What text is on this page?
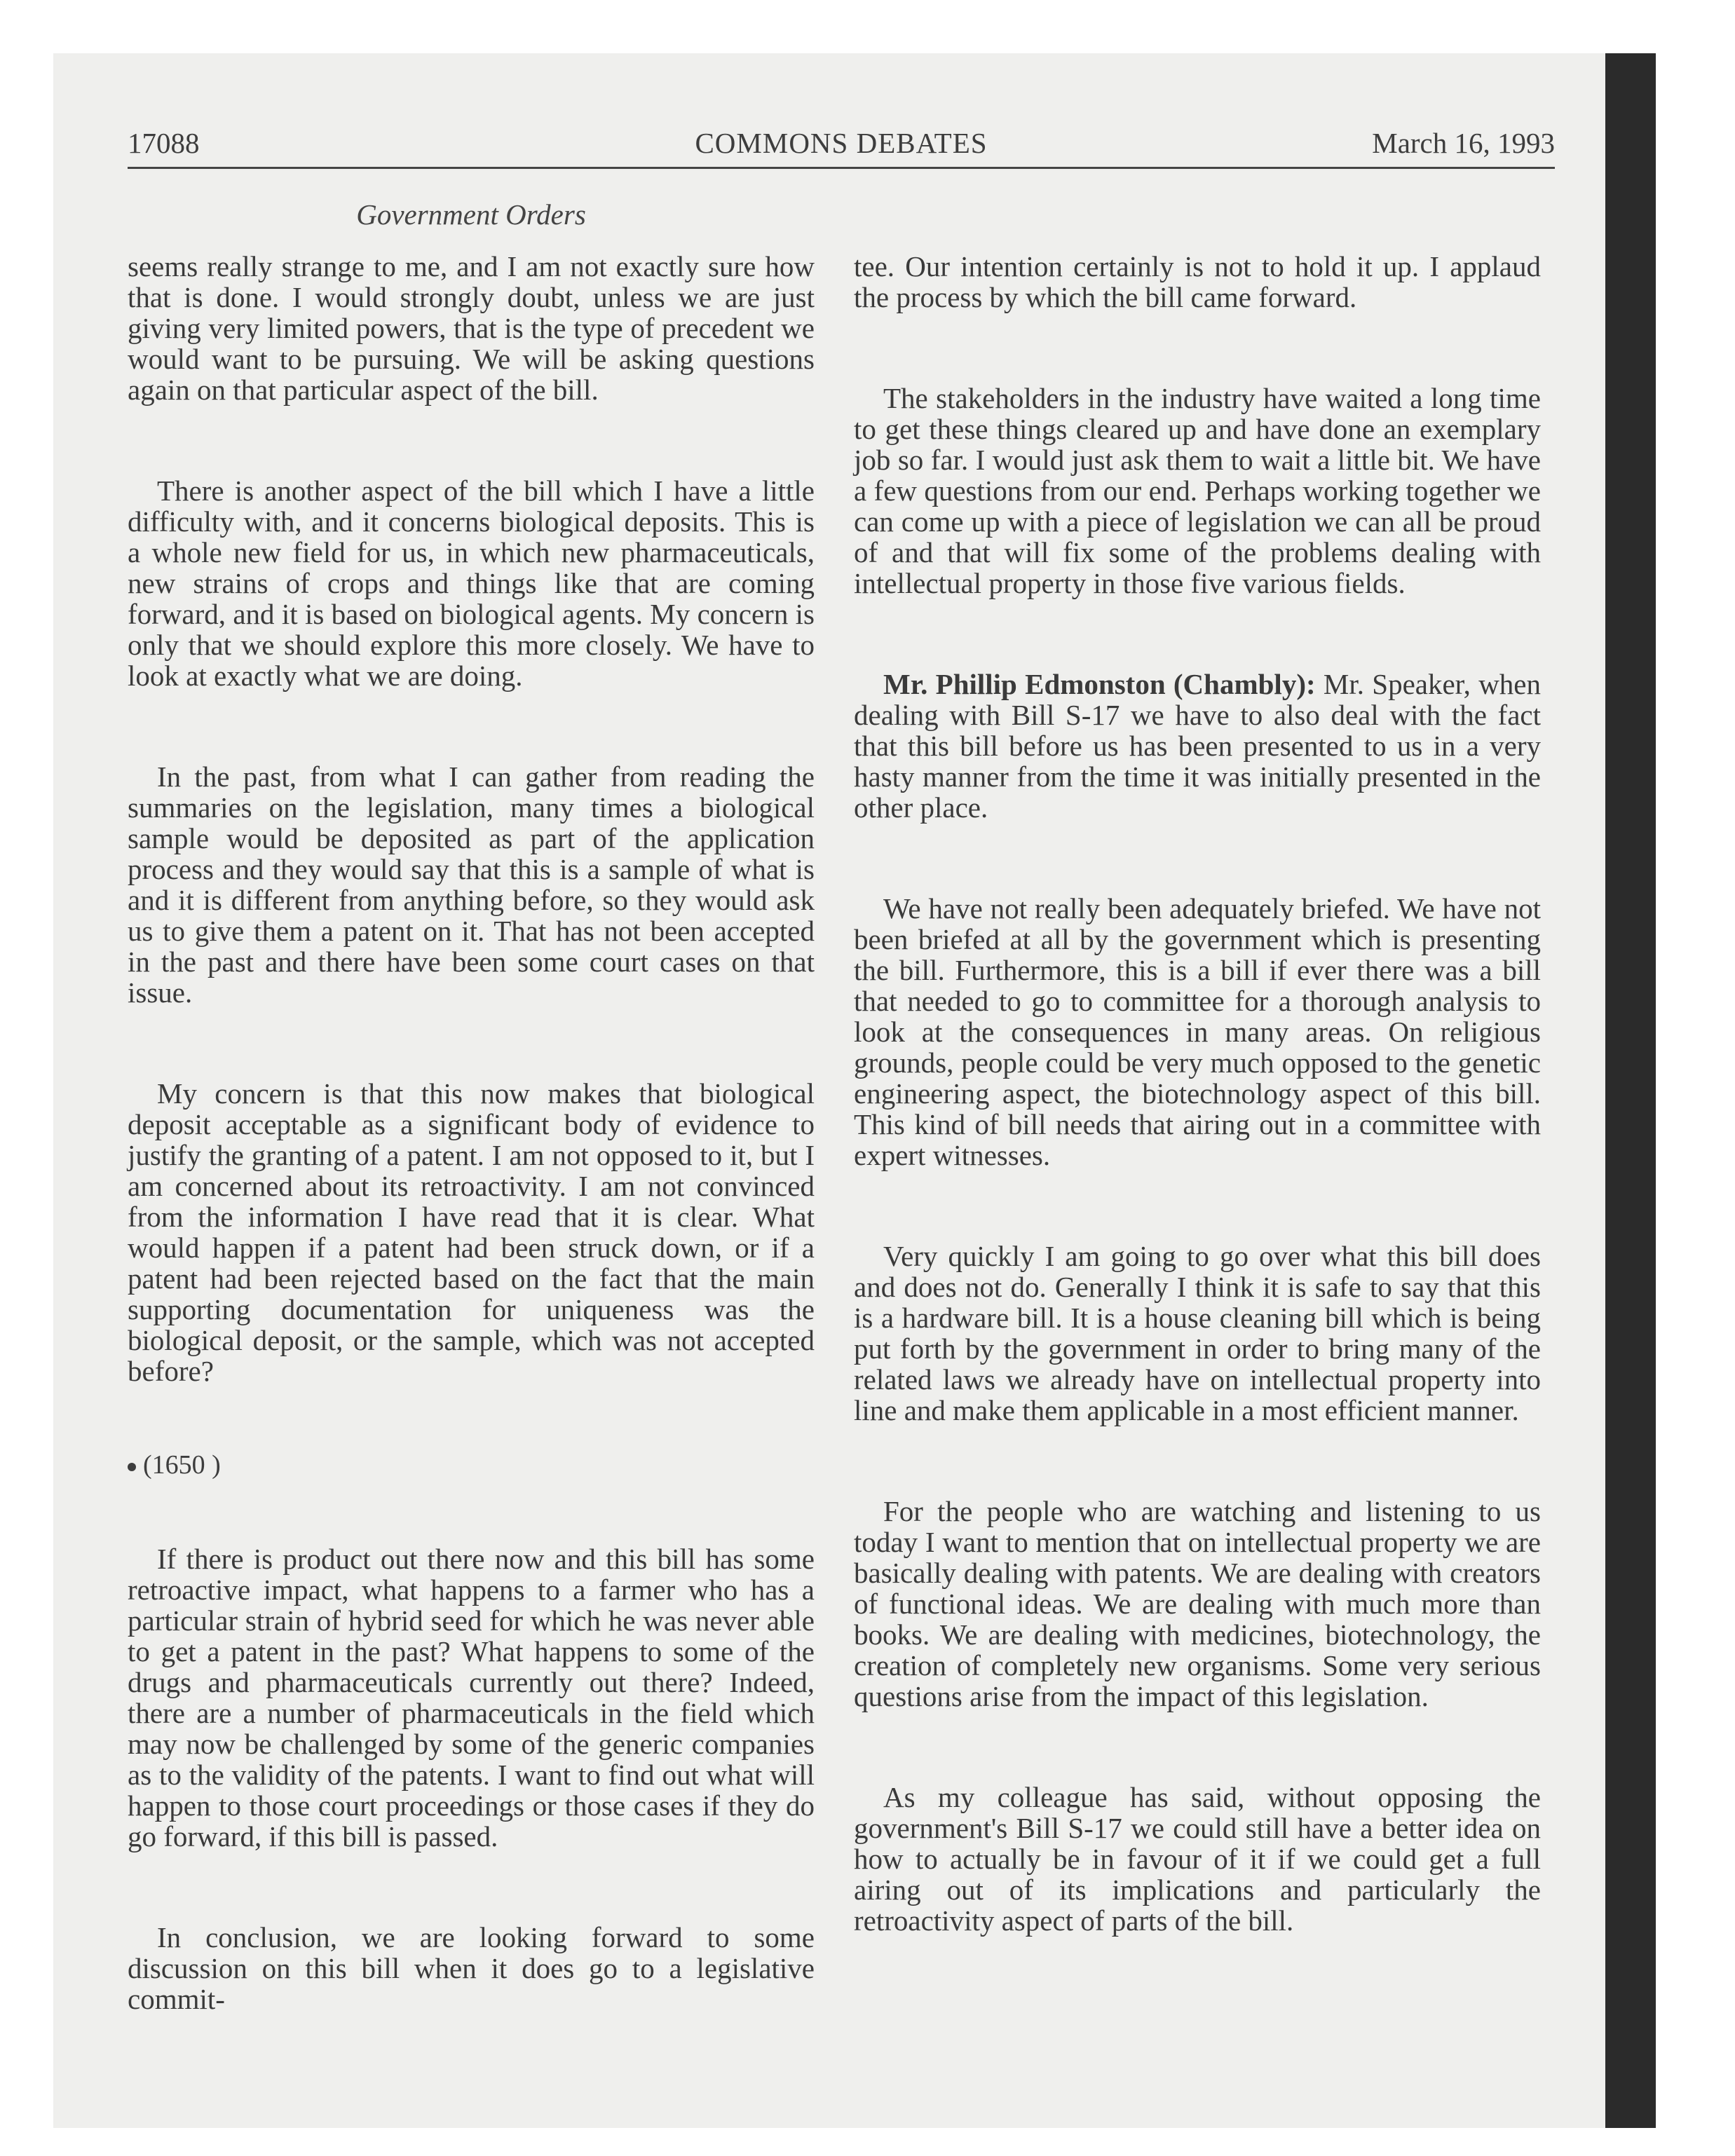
17088	COMMONS DEBATES	March 16, 1993
Government Orders

seems really strange to me, and I am not exactly sure how that is done. I would strongly doubt, unless we are just giving very limited powers, that is the type of precedent we would want to be pursuing. We will be asking questions again on that particular aspect of the bill.

There is another aspect of the bill which I have a little difficulty with, and it concerns biological deposits. This is a whole new field for us, in which new pharmaceuticals, new strains of crops and things like that are coming forward, and it is based on biological agents. My concern is only that we should explore this more closely. We have to look at exactly what we are doing.

In the past, from what I can gather from reading the summaries on the legislation, many times a biological sample would be deposited as part of the application process and they would say that this is a sample of what is and it is different from anything before, so they would ask us to give them a patent on it. That has not been accepted in the past and there have been some court cases on that issue.

My concern is that this now makes that biological deposit acceptable as a significant body of evidence to justify the granting of a patent. I am not opposed to it, but I am concerned about its retroactivity. I am not convinced from the information I have read that it is clear. What would happen if a patent had been struck down, or if a patent had been rejected based on the fact that the main supporting documentation for uniqueness was the biological deposit, or the sample, which was not accepted before?

(1650 )

If there is product out there now and this bill has some retroactive impact, what happens to a farmer who has a particular strain of hybrid seed for which he was never able to get a patent in the past? What happens to some of the drugs and pharmaceuticals currently out there? Indeed, there are a number of pharmaceuticals in the field which may now be challenged by some of the generic companies as to the validity of the patents. I want to find out what will happen to those court proceedings or those cases if they do go forward, if this bill is passed.

In conclusion, we are looking forward to some discussion on this bill when it does go to a legislative commit-

tee. Our intention certainly is not to hold it up. I applaud the process by which the bill came forward.

The stakeholders in the industry have waited a long time to get these things cleared up and have done an exemplary job so far. I would just ask them to wait a little bit. We have a few questions from our end. Perhaps working together we can come up with a piece of legislation we can all be proud of and that will fix some of the problems dealing with intellectual property in those five various fields.

Mr. Phillip Edmonston (Chambly): Mr. Speaker, when dealing with Bill S-17 we have to also deal with the fact that this bill before us has been presented to us in a very hasty manner from the time it was initially presented in the other place.

We have not really been adequately briefed. We have not been briefed at all by the government which is presenting the bill. Furthermore, this is a bill if ever there was a bill that needed to go to committee for a thorough analysis to look at the consequences in many areas. On religious grounds, people could be very much opposed to the genetic engineering aspect, the biotechnology aspect of this bill. This kind of bill needs that airing out in a committee with expert witnesses.

Very quickly I am going to go over what this bill does and does not do. Generally I think it is safe to say that this is a hardware bill. It is a house cleaning bill which is being put forth by the government in order to bring many of the related laws we already have on intellectual property into line and make them applicable in a most efficient manner.

For the people who are watching and listening to us today I want to mention that on intellectual property we are basically dealing with patents. We are dealing with creators of functional ideas. We are dealing with much more than books. We are dealing with medicines, biotechnology, the creation of completely new organisms. Some very serious questions arise from the impact of this legislation.

As my colleague has said, without opposing the government's Bill S-17 we could still have a better idea on how to actually be in favour of it if we could get a full airing out of its implications and particularly the retroactivity aspect of parts of the bill.
